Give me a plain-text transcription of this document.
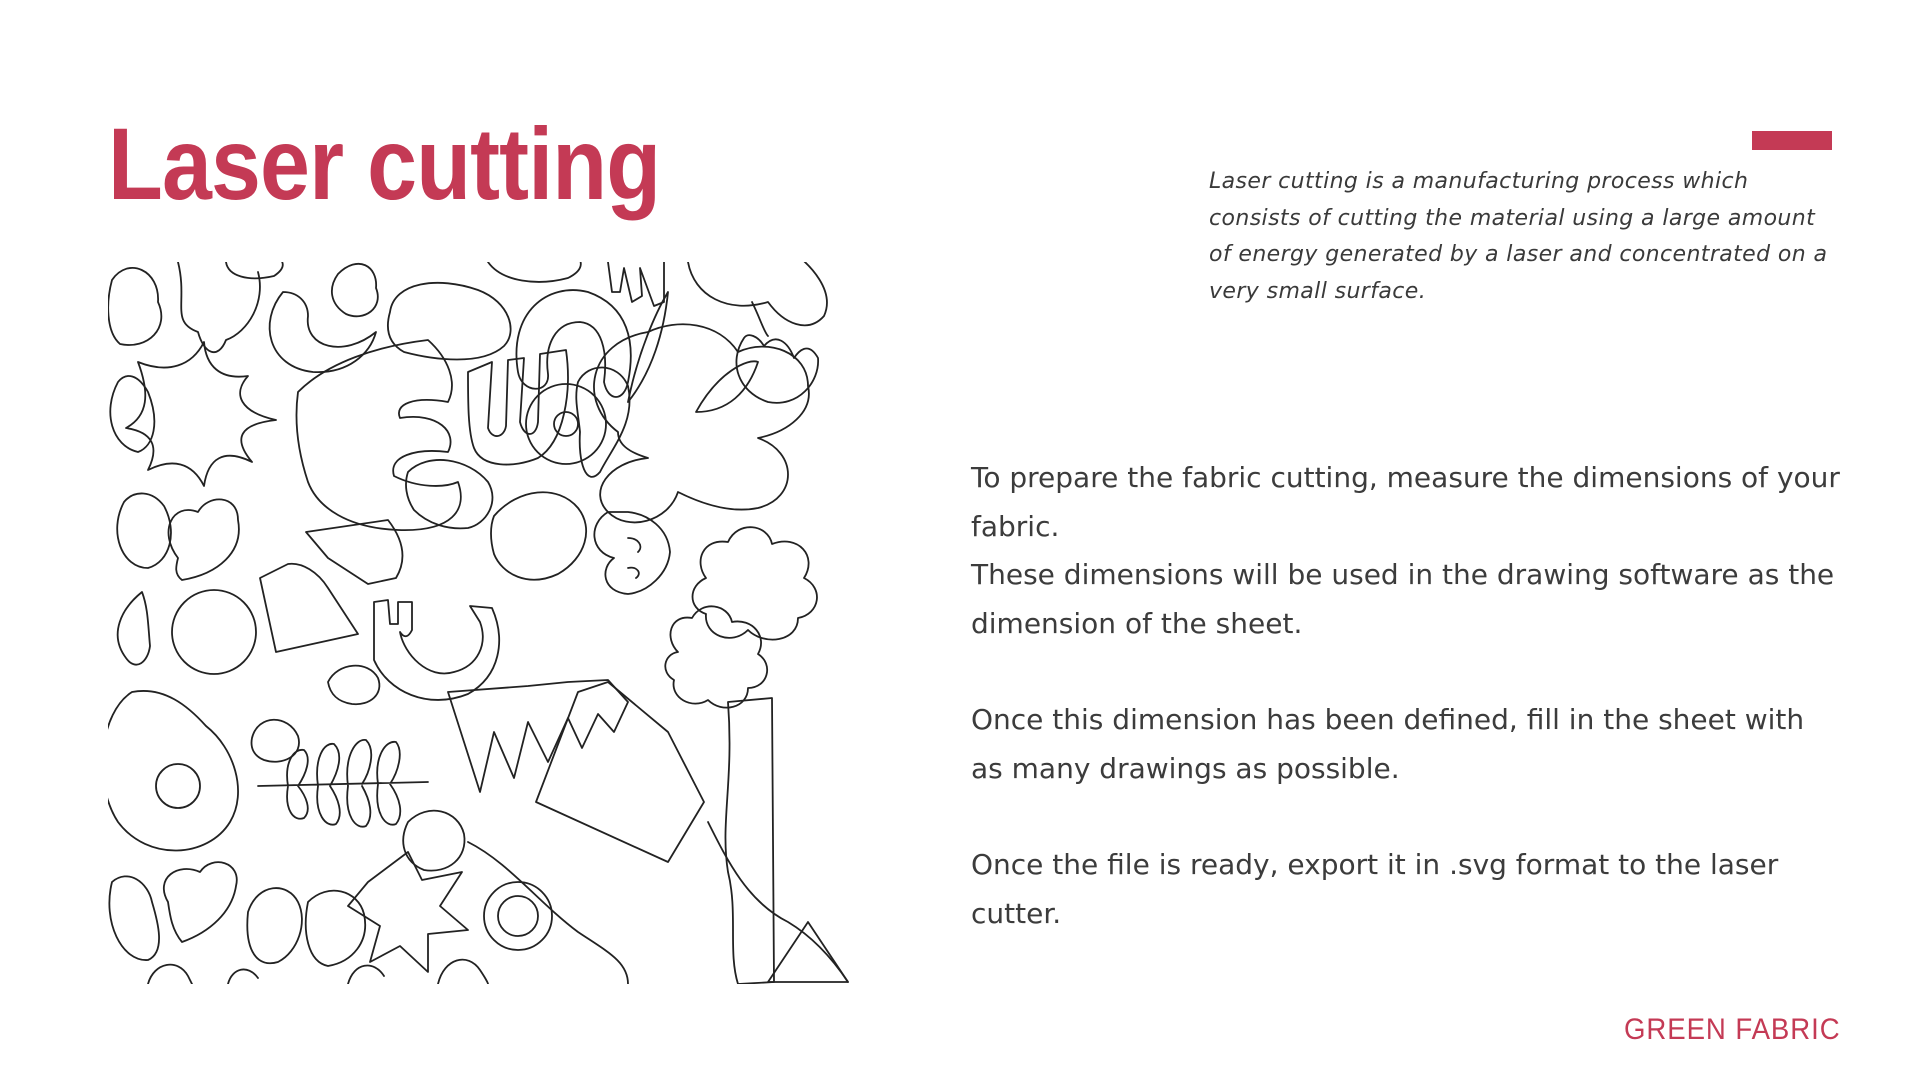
Laser cutting	Laser cutting is a manufacturing process which consists of cutting the material using a large amount of energy generated by a laser and concentrated on a very small surface.

To prepare the fabric cutting, measure the dimensions of your fabric.
These dimensions will be used in the drawing software as the dimension of the sheet.

Once this dimension has been defined, fill in the sheet with as many drawings as possible.

Once the file is ready, export it in .svg format to the laser cutter.

GREEN FABRIC
